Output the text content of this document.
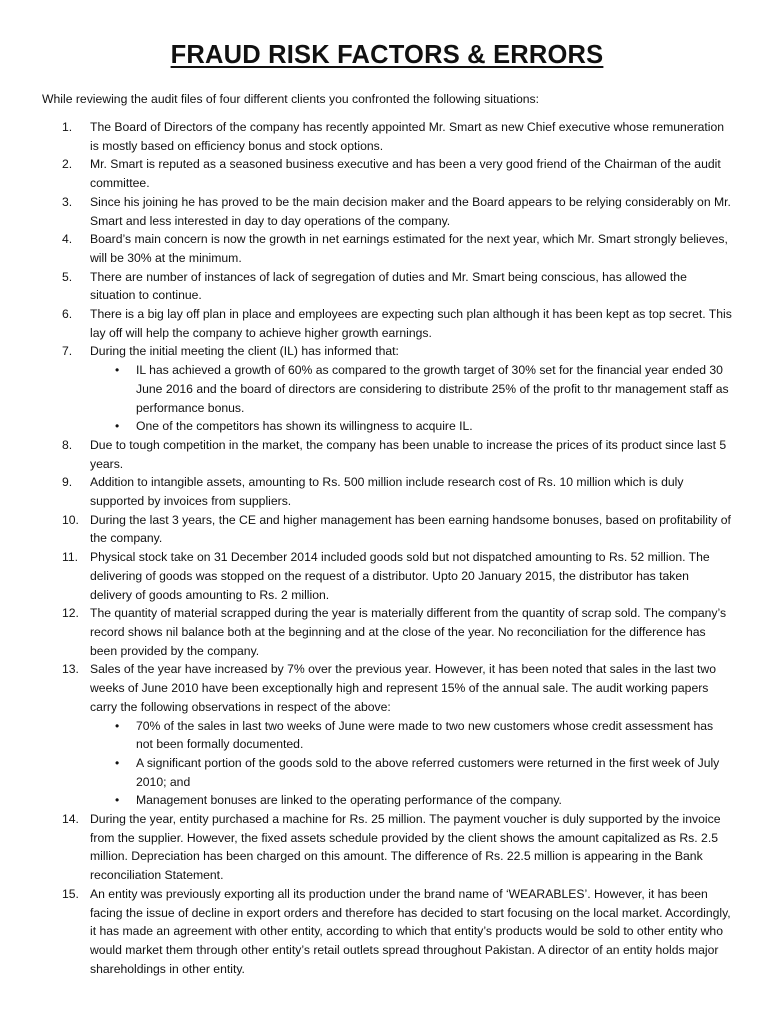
FRAUD RISK FACTORS & ERRORS

While reviewing the audit files of four different clients you confronted the following situations:

1.	The Board of Directors of the company has recently appointed Mr. Smart as new Chief executive whose remuneration is mostly based on efficiency bonus and stock options.
2.	Mr. Smart is reputed as a seasoned business executive and has been a very good friend of the Chairman of the audit committee.
3.	Since his joining he has proved to be the main decision maker and the Board appears to be relying considerably on Mr. Smart and less interested in day to day operations of the company.
4.	Board’s main concern is now the growth in net earnings estimated for the next year, which Mr. Smart strongly believes, will be 30% at the minimum.
5.	There are number of instances of lack of segregation of duties and Mr. Smart being conscious, has allowed the situation to continue.
6.	There is a big lay off plan in place and employees are expecting such plan although it has been kept as top secret. This lay off will help the company to achieve higher growth earnings.
7.	During the initial meeting the client (IL) has informed that:
• IL has achieved a growth of 60% as compared to the growth target of 30% set for the financial year ended 30 June 2016 and the board of directors are considering to distribute 25% of the profit to thr management staff as performance bonus.
• One of the competitors has shown its willingness to acquire IL.
8.	Due to tough competition in the market, the company has been unable to increase the prices of its product since last 5 years.
9.	Addition to intangible assets, amounting to Rs. 500 million include research cost of Rs. 10 million which is duly supported by invoices from suppliers.
10. During the last 3 years, the CE and higher management has been earning handsome bonuses, based on profitability of the company.
11. Physical stock take on 31 December 2014 included goods sold but not dispatched amounting to Rs. 52 million. The delivering of goods was stopped on the request of a distributor. Upto 20 January 2015, the distributor has taken delivery of goods amounting to Rs. 2 million.
12. The quantity of material scrapped during the year is materially different from the quantity of scrap sold. The company’s record shows nil balance both at the beginning and at the close of the year. No reconciliation for the difference has been provided by the company.
13. Sales of the year have increased by 7% over the previous year. However, it has been noted that sales in the last two weeks of June 2010 have been exceptionally high and represent 15% of the annual sale. The audit working papers carry the following observations in respect of the above:
• 70% of the sales in last two weeks of June were made to two new customers whose credit assessment has not been formally documented.
• A significant portion of the goods sold to the above referred customers were returned in the first week of July 2010; and
• Management bonuses are linked to the operating performance of the company.
14. During the year, entity purchased a machine for Rs. 25 million. The payment voucher is duly supported by the invoice from the supplier. However, the fixed assets schedule provided by the client shows the amount capitalized as Rs. 2.5 million. Depreciation has been charged on this amount. The difference of Rs. 22.5 million is appearing in the Bank reconciliation Statement.
15. An entity was previously exporting all its production under the brand name of ‘WEARABLES’. However, it has been facing the issue of decline in export orders and therefore has decided to start focusing on the local market. Accordingly, it has made an agreement with other entity, according to which that entity’s products would be sold to other entity who would market them through other entity’s retail outlets spread throughout Pakistan. A director of an entity holds major shareholdings in other entity.
